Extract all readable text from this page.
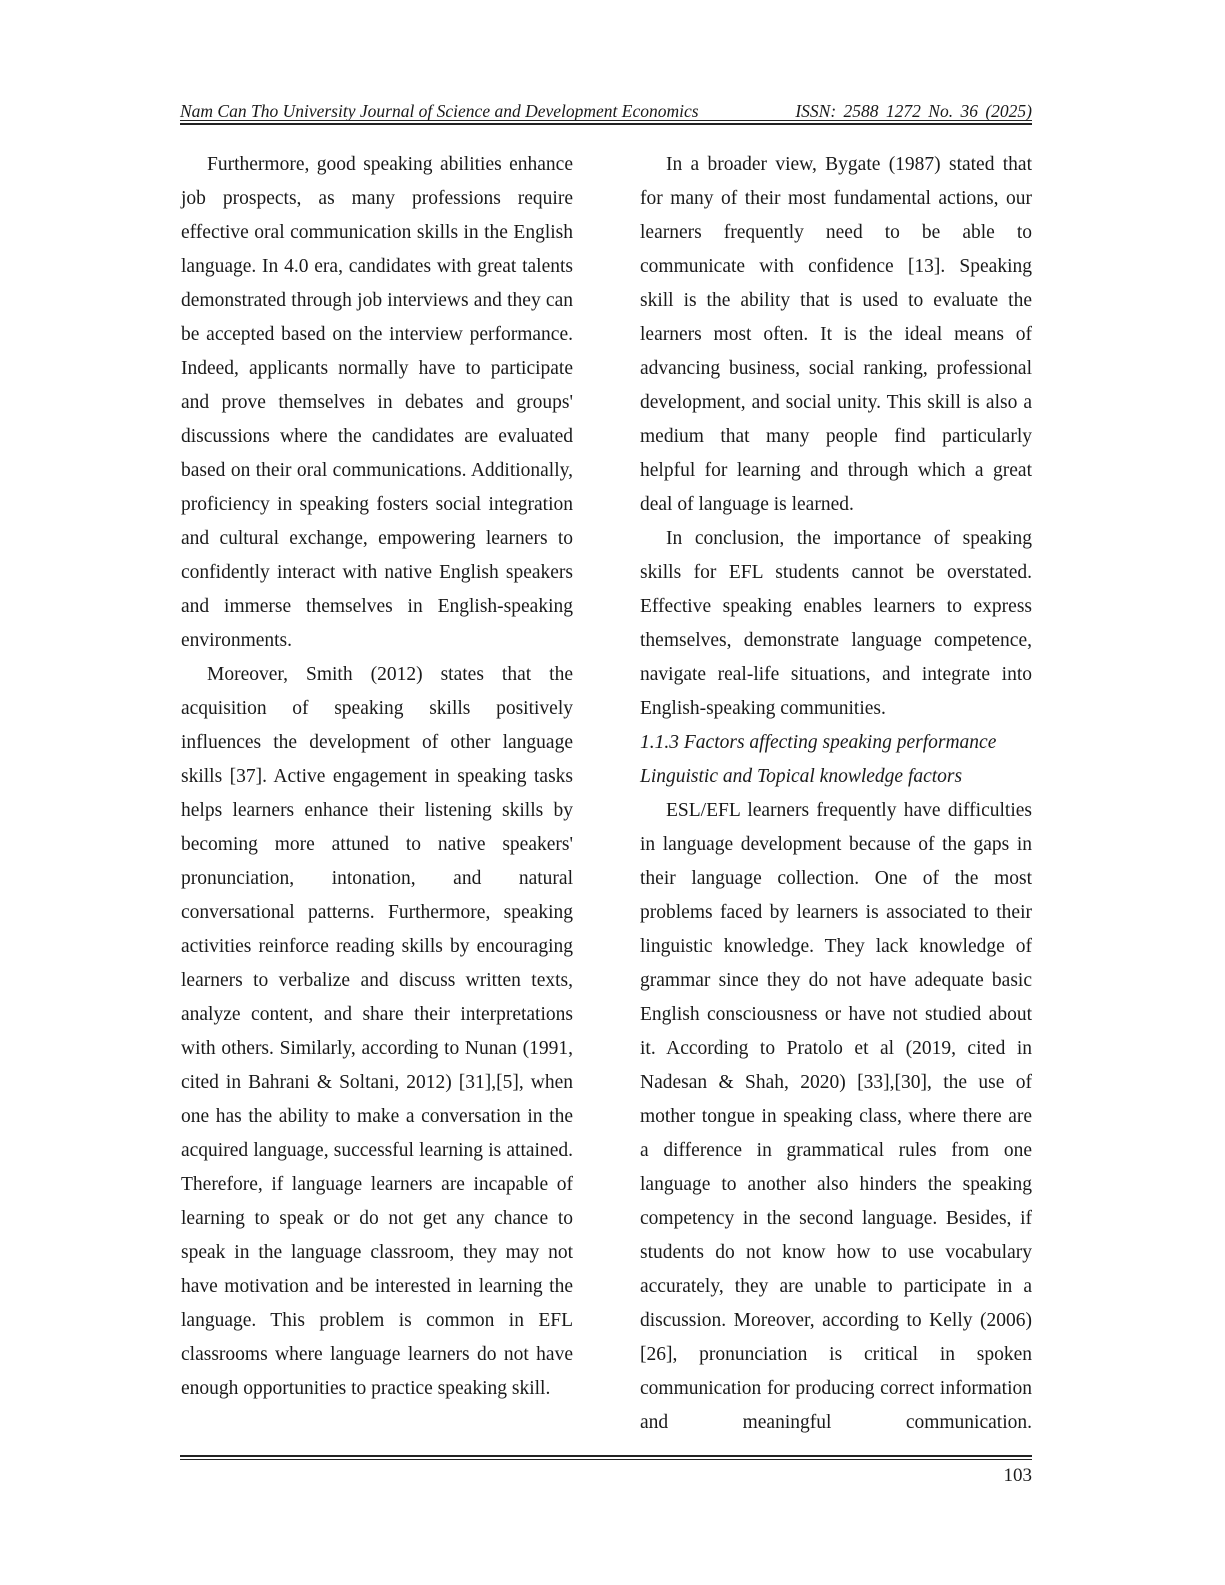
Nam Can Tho University Journal of Science and Development Economics	ISSN: 2588 1272 No. 36 (2025)

Furthermore, good speaking abilities enhance job prospects, as many professions require effective oral communication skills in the English language. In 4.0 era, candidates with great talents demonstrated through job interviews and they can be accepted based on the interview performance. Indeed, applicants normally have to participate and prove themselves in debates and groups' discussions where the candidates are evaluated based on their oral communications. Additionally, proficiency in speaking fosters social integration and cultural exchange, empowering learners to confidently interact with native English speakers and immerse themselves in English-speaking environments.

Moreover, Smith (2012) states that the acquisition of speaking skills positively influences the development of other language skills [37]. Active engagement in speaking tasks helps learners enhance their listening skills by becoming more attuned to native speakers' pronunciation, intonation, and natural conversational patterns. Furthermore, speaking activities reinforce reading skills by encouraging learners to verbalize and discuss written texts, analyze content, and share their interpretations with others. Similarly, according to Nunan (1991, cited in Bahrani & Soltani, 2012) [31],[5], when one has the ability to make a conversation in the acquired language, successful learning is attained. Therefore, if language learners are incapable of learning to speak or do not get any chance to speak in the language classroom, they may not have motivation and be interested in learning the language. This problem is common in EFL classrooms where language learners do not have enough opportunities to practice speaking skill.

In a broader view, Bygate (1987) stated that for many of their most fundamental actions, our learners frequently need to be able to communicate with confidence [13]. Speaking skill is the ability that is used to evaluate the learners most often. It is the ideal means of advancing business, social ranking, professional development, and social unity. This skill is also a medium that many people find particularly helpful for learning and through which a great deal of language is learned.

In conclusion, the importance of speaking skills for EFL students cannot be overstated. Effective speaking enables learners to express themselves, demonstrate language competence, navigate real-life situations, and integrate into English-speaking communities.

1.1.3 Factors affecting speaking performance

Linguistic and Topical knowledge factors

ESL/EFL learners frequently have difficulties in language development because of the gaps in their language collection. One of the most problems faced by learners is associated to their linguistic knowledge. They lack knowledge of grammar since they do not have adequate basic English consciousness or have not studied about it. According to Pratolo et al (2019, cited in Nadesan & Shah, 2020) [33],[30], the use of mother tongue in speaking class, where there are a difference in grammatical rules from one language to another also hinders the speaking competency in the second language. Besides, if students do not know how to use vocabulary accurately, they are unable to participate in a discussion. Moreover, according to Kelly (2006) [26], pronunciation is critical in spoken communication for producing correct information and meaningful communication.

103
